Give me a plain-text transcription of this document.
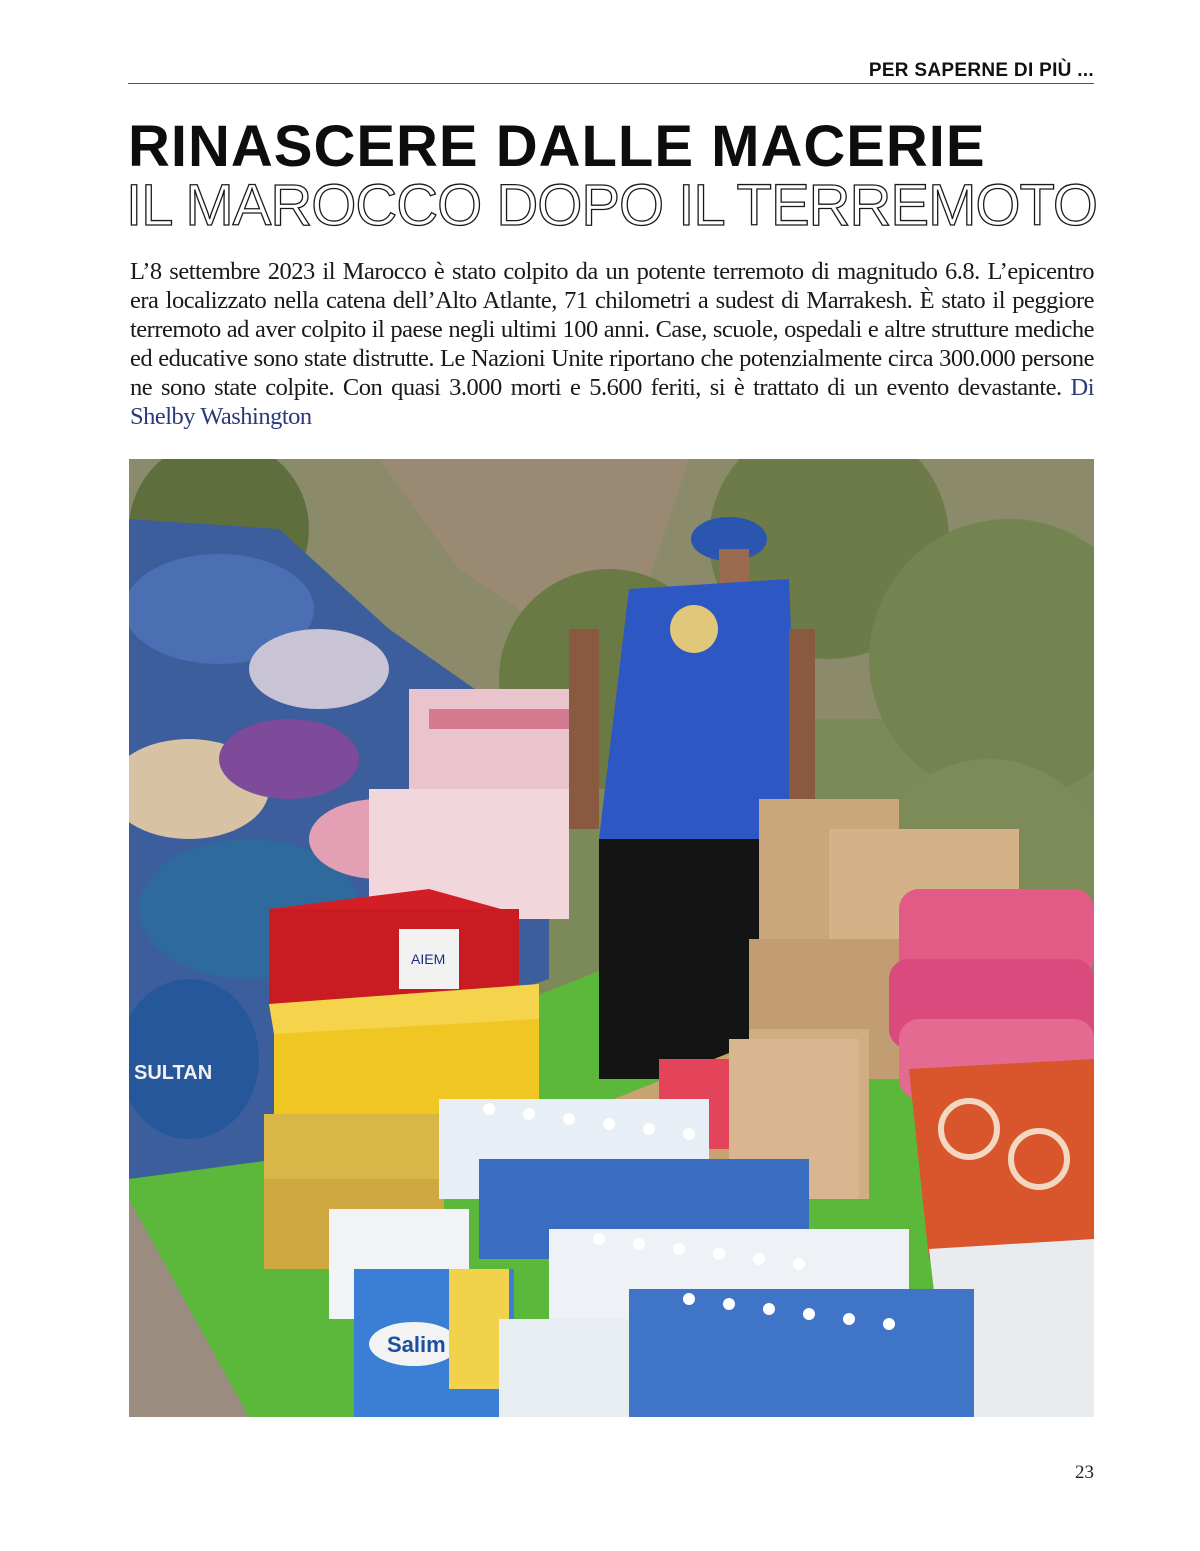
PER SAPERNE DI PIÙ ...
RINASCERE DALLE MACERIE
IL MAROCCO DOPO IL TERREMOTO

L’8 settembre 2023 il Marocco è stato colpito da un potente terremoto di magnitudo 6.8. L’epicentro era localizzato nella catena dell’Alto Atlante, 71 chilometri a sudest di Marrakesh. È stato il peggiore terremoto ad aver colpito il paese negli ultimi 100 anni. Case, scuole, ospedali e altre strutture mediche ed educative sono state distrutte. Le Nazioni Unite riportano che potenzialmente circa 300.000 persone ne sono state colpite. Con quasi 3.000 morti e 5.600 feriti, si è trattato di un evento devastante. Di Shelby Washington

SULTAN
AIEM
Salim
23
